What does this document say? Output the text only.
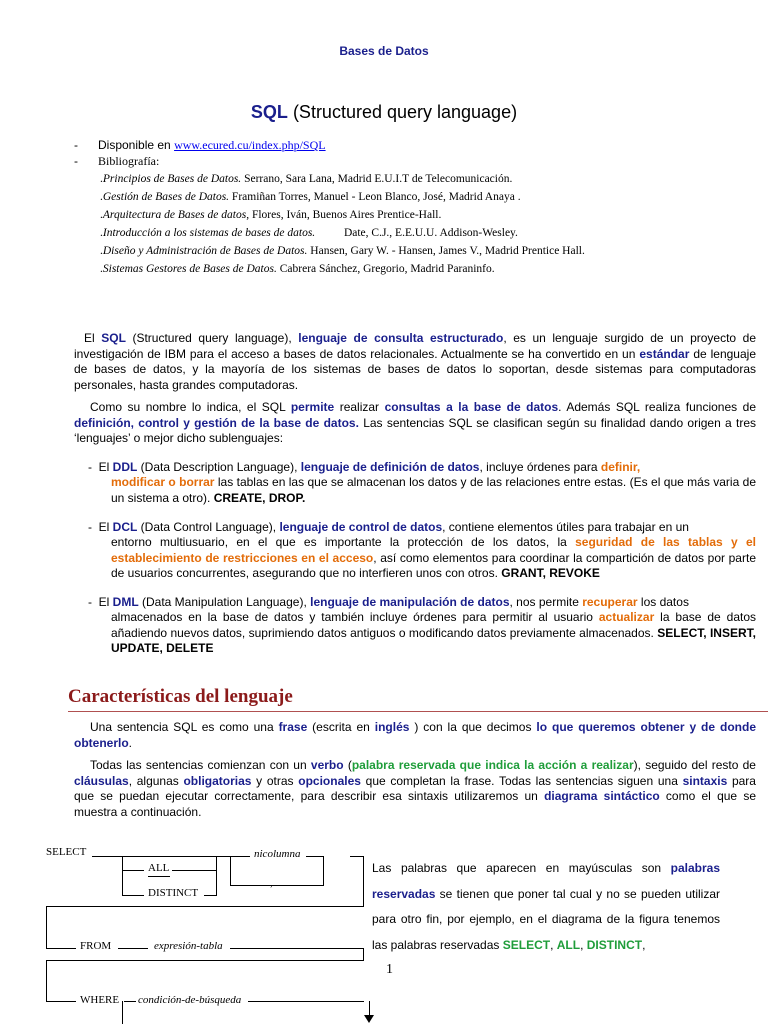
Bases de Datos
SQL (Structured query language)
- Disponible en www.ecured.cu/index.php/SQL
- Bibliografía:
.Principios de Bases de Datos. Serrano, Sara Lana, Madrid E.U.I.T de Telecomunicación.
.Gestión de Bases de Datos. Framiñan Torres, Manuel - Leon Blanco, José, Madrid Anaya .
.Arquitectura de Bases de datos, Flores, Iván, Buenos Aires Prentice-Hall.
.Introducción a los sistemas de bases de datos.          Date, C.J., E.E.U.U. Addison-Wesley.
.Diseño y Administración de Bases de Datos. Hansen, Gary W. - Hansen, James V., Madrid Prentice Hall.
.Sistemas Gestores de Bases de Datos. Cabrera Sánchez, Gregorio, Madrid Paraninfo.
El SQL (Structured query language), lenguaje de consulta estructurado, es un lenguaje surgido de un proyecto de investigación de IBM para el acceso a bases de datos relacionales. Actualmente se ha convertido en un estándar de lenguaje de bases de datos, y la mayoría de los sistemas de bases de datos lo soportan, desde sistemas para computadoras personales, hasta grandes computadoras.
Como su nombre lo indica, el SQL permite realizar consultas a la base de datos. Además SQL realiza funciones de definición, control y gestión de la base de datos. Las sentencias SQL se clasifican según su finalidad dando origen a tres ‘lenguajes’ o mejor dicho sublenguajes:
-  El DDL (Data Description Language), lenguaje de definición de datos, incluye órdenes para definir,
modificar o borrar las tablas en las que se almacenan los datos y de las relaciones entre estas. (Es el que más varia de un sistema a otro). CREATE, DROP.
-  El DCL (Data Control Language), lenguaje de control de datos, contiene elementos útiles para trabajar en un
entorno multiusuario, en el que es importante la protección de los datos, la seguridad de las tablas y el establecimiento de restricciones en el acceso, así como elementos para coordinar la compartición de datos por parte de usuarios concurrentes, asegurando que no interfieren unos con otros. GRANT, REVOKE
-  El DML (Data Manipulation Language), lenguaje de manipulación de datos, nos permite recuperar los datos
almacenados en la base de datos y también incluye órdenes para permitir al usuario actualizar la base de datos añadiendo nuevos datos, suprimiendo datos antiguos o modificando datos previamente almacenados. SELECT, INSERT, UPDATE, DELETE
Características del lenguaje
Una sentencia SQL es como una frase (escrita en inglés ) con la que decimos lo que queremos obtener y de donde obtenerlo.
Todas las sentencias comienzan con un verbo (palabra reservada que indica la acción a realizar), seguido del resto de cláusulas, algunas obligatorias y otras opcionales que completan la frase. Todas las sentencias siguen una sintaxis para que se puedan ejecutar correctamente, para describir esa sintaxis utilizaremos un diagrama sintáctico como el que se muestra a continuación.
SELECT	nicolumna
,
ALL
DISTINCT
FROM	expresión-tabla
WHERE condición-de-búsqueda
Las palabras que aparecen en mayúsculas son palabras reservadas se tienen que poner tal cual y no se pueden utilizar para otro fin, por ejemplo, en el diagrama de la figura tenemos las palabras reservadas SELECT, ALL, DISTINCT,
1
